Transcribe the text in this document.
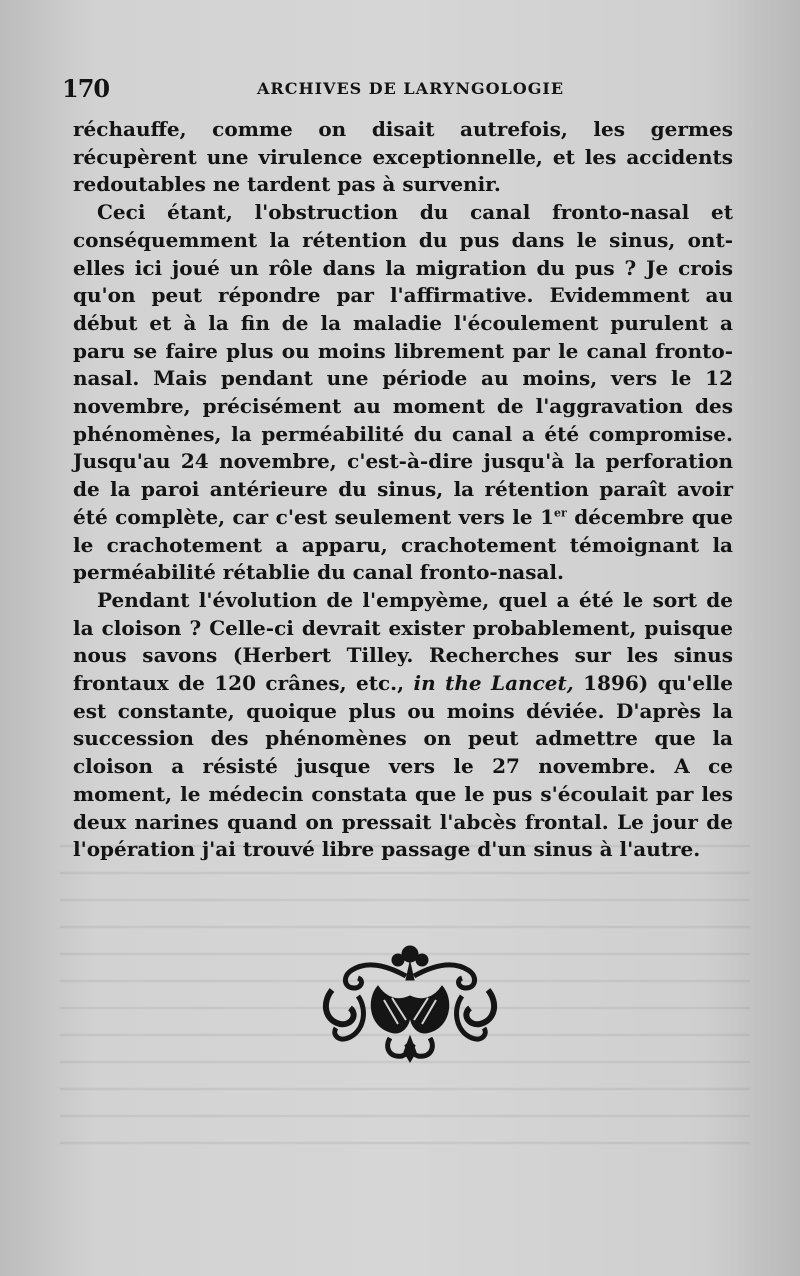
170	ARCHIVES DE LARYNGOLOGIE

réchauffe, comme on disait autrefois, les germes récupèrent une virulence exceptionnelle, et les accidents redoutables ne tardent pas à survenir.

Ceci étant, l'obstruction du canal fronto-nasal et conséquemment la rétention du pus dans le sinus, ont-elles ici joué un rôle dans la migration du pus ? Je crois qu'on peut répondre par l'affirmative. Evidemment au début et à la fin de la maladie l'écoulement purulent a paru se faire plus ou moins librement par le canal fronto-nasal. Mais pendant une période au moins, vers le 12 novembre, précisément au moment de l'aggravation des phénomènes, la perméabilité du canal a été compromise. Jusqu'au 24 novembre, c'est-à-dire jusqu'à la perforation de la paroi antérieure du sinus, la rétention paraît avoir été complète, car c'est seulement vers le 1er décembre que le crachotement a apparu, crachotement témoignant la perméabilité rétablie du canal fronto-nasal.

Pendant l'évolution de l'empyème, quel a été le sort de la cloison ? Celle-ci devrait exister probablement, puisque nous savons (Herbert Tilley. Recherches sur les sinus frontaux de 120 crânes, etc., in the Lancet, 1896) qu'elle est constante, quoique plus ou moins déviée. D'après la succession des phénomènes on peut admettre que la cloison a résisté jusque vers le 27 novembre. A ce moment, le médecin constata que le pus s'écoulait par les deux narines quand on pressait l'abcès frontal. Le jour de l'opération j'ai trouvé libre passage d'un sinus à l'autre.
